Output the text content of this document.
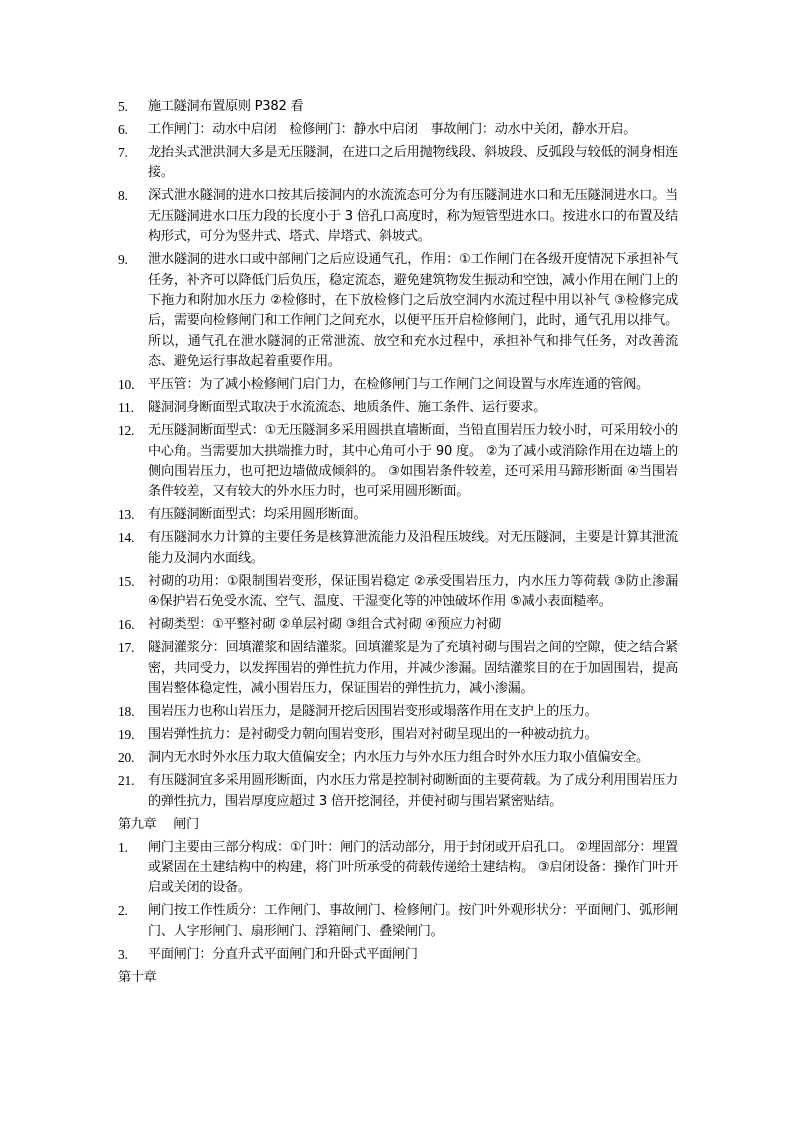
5.	施工隧洞布置原则 P382 看
6.	工作闸门：动水中启闭　检修闸门：静水中启闭　事故闸门：动水中关闭，静水开启。
7.	龙抬头式泄洪洞大多是无压隧洞，在进口之后用抛物线段、斜坡段、反弧段与较低的洞身相连接。
8.	深式泄水隧洞的进水口按其后接洞内的水流流态可分为有压隧洞进水口和无压隧洞进水口。当无压隧洞进水口压力段的长度小于 3 倍孔口高度时，称为短管型进水口。按进水口的布置及结构形式，可分为竖井式、塔式、岸塔式、斜坡式。
9.	泄水隧洞的进水口或中部闸门之后应设通气孔，作用：①工作闸门在各级开度情况下承担补气任务，补齐可以降低门后负压，稳定流态，避免建筑物发生振动和空蚀，减小作用在闸门上的下拖力和附加水压力 ②检修时，在下放检修门之后放空洞内水流过程中用以补气 ③检修完成后，需要向检修闸门和工作闸门之间充水，以便平压开启检修闸门，此时，通气孔用以排气。所以，通气孔在泄水隧洞的正常泄流、放空和充水过程中，承担补气和排气任务，对改善流态、避免运行事故起着重要作用。
10.	平压管：为了减小检修闸门启门力，在检修闸门与工作闸门之间设置与水库连通的管阀。
11.	隧洞洞身断面型式取决于水流流态、地质条件、施工条件、运行要求。
12.	无压隧洞断面型式：①无压隧洞多采用圆拱直墙断面，当铅直围岩压力较小时，可采用较小的中心角。当需要加大拱端推力时，其中心角可小于 90 度。 ②为了减小或消除作用在边墙上的侧向围岩压力，也可把边墙做成倾斜的。 ③如围岩条件较差，还可采用马蹄形断面 ④当围岩条件较差，又有较大的外水压力时，也可采用圆形断面。
13.	有压隧洞断面型式：均采用圆形断面。
14.	有压隧洞水力计算的主要任务是核算泄流能力及沿程压坡线。对无压隧洞，主要是计算其泄流能力及洞内水面线。
15.	衬砌的功用：①限制围岩变形，保证围岩稳定 ②承受围岩压力，内水压力等荷载 ③防止渗漏 ④保护岩石免受水流、空气、温度、干湿变化等的冲蚀破坏作用 ⑤减小表面糙率。
16.	衬砌类型：①平整衬砌 ②单层衬砌 ③组合式衬砌 ④预应力衬砌
17.	隧洞灌浆分：回填灌浆和固结灌浆。回填灌浆是为了充填衬砌与围岩之间的空隙，使之结合紧密，共同受力，以发挥围岩的弹性抗力作用，并减少渗漏。固结灌浆目的在于加固围岩，提高围岩整体稳定性，减小围岩压力，保证围岩的弹性抗力，减小渗漏。
18.	围岩压力也称山岩压力，是隧洞开挖后因围岩变形或塌落作用在支护上的压力。
19.	围岩弹性抗力：是衬砌受力朝向围岩变形，围岩对衬砌呈现出的一种被动抗力。
20.	洞内无水时外水压力取大值偏安全；内水压力与外水压力组合时外水压力取小值偏安全。
21.	有压隧洞宜多采用圆形断面，内水压力常是控制衬砌断面的主要荷载。为了成分利用围岩压力的弹性抗力，围岩厚度应超过 3 倍开挖洞径，并使衬砌与围岩紧密贴结。
第九章　 闸门
1.	闸门主要由三部分构成：①门叶：闸门的活动部分，用于封闭或开启孔口。 ②埋固部分：埋置或紧固在土建结构中的构建，将门叶所承受的荷载传递给土建结构。 ③启闭设备：操作门叶开启或关闭的设备。
2.	闸门按工作性质分：工作闸门、事故闸门、检修闸门。按门叶外观形状分：平面闸门、弧形闸门、人字形闸门、扇形闸门、浮箱闸门、叠梁闸门。
3.	平面闸门：分直升式平面闸门和升卧式平面闸门
第十章
